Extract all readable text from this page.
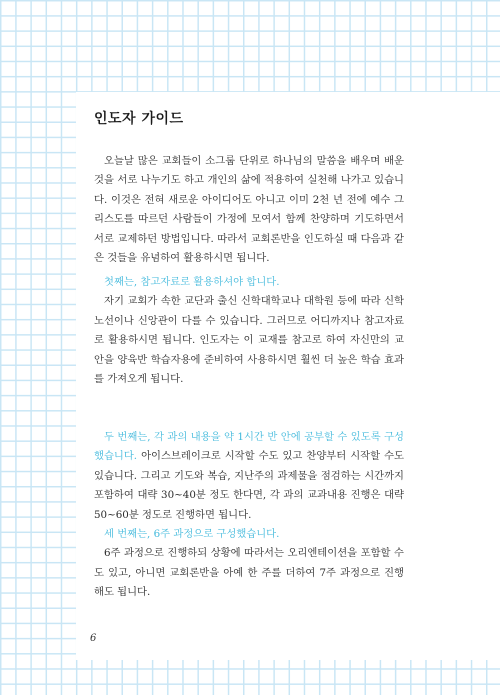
인도자 가이드

오늘날 많은 교회들이 소그룹 단위로 하나님의 말씀을 배우며 배운 것을 서로 나누기도 하고 개인의 삶에 적용하여 실천해 나가고 있습니다. 이것은 전혀 새로운 아이디어도 아니고 이미 2천 년 전에 예수 그리스도를 따르던 사람들이 가정에 모여서 함께 찬양하며 기도하면서 서로 교제하던 방법입니다. 따라서 교회론반을 인도하실 때 다음과 같은 것들을 유념하여 활용하시면 됩니다.

첫째는, 참고자료로 활용하셔야 합니다.

자기 교회가 속한 교단과 출신 신학대학교나 대학원 등에 따라 신학 노선이나 신앙관이 다를 수 있습니다. 그러므로 어디까지나 참고자료로 활용하시면 됩니다. 인도자는 이 교재를 참고로 하여 자신만의 교안을 양육반 학습자용에 준비하여 사용하시면 훨씬 더 높은 학습 효과를 가져오게 됩니다.

두 번째는, 각 과의 내용을 약 1시간 반 안에 공부할 수 있도록 구성했습니다. 아이스브레이크로 시작할 수도 있고 찬양부터 시작할 수도 있습니다. 그리고 기도와 복습, 지난주의 과제물을 점검하는 시간까지 포함하여 대략 30~40분 정도 한다면, 각 과의 교과내용 진행은 대략 50~60분 정도로 진행하면 됩니다.

세 번째는, 6주 과정으로 구성했습니다.

6주 과정으로 진행하되 상황에 따라서는 오리엔테이션을 포함할 수도 있고, 아니면 교회론반을 아예 한 주를 더하여 7주 과정으로 진행해도 됩니다.

6
